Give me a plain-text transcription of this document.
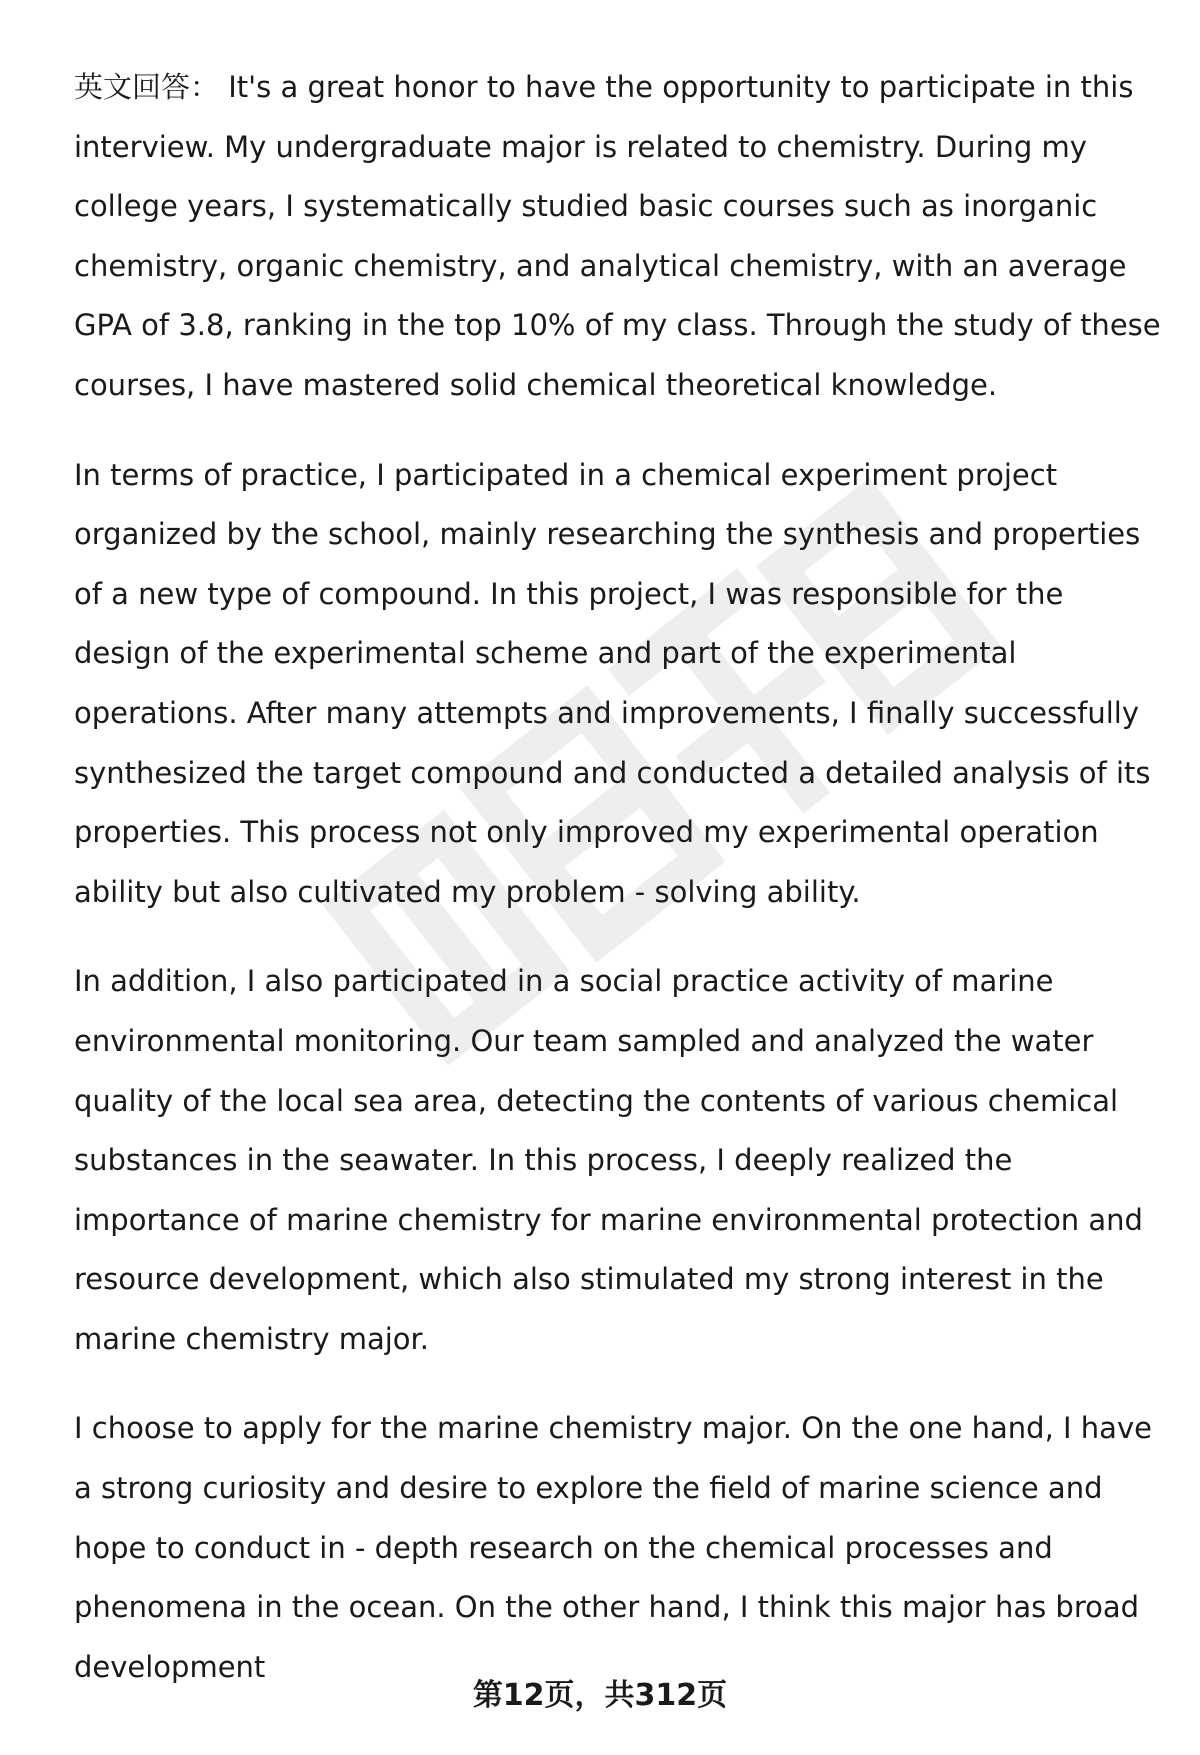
英文回答： It's a great honor to have the opportunity to participate in this interview. My undergraduate major is related to chemistry. During my college years, I systematically studied basic courses such as inorganic chemistry, organic chemistry, and analytical chemistry, with an average GPA of 3.8, ranking in the top 10% of my class. Through the study of these courses, I have mastered solid chemical theoretical knowledge.

In terms of practice, I participated in a chemical experiment project organized by the school, mainly researching the synthesis and properties of a new type of compound. In this project, I was responsible for the design of the experimental scheme and part of the experimental operations. After many attempts and improvements, I finally successfully synthesized the target compound and conducted a detailed analysis of its properties. This process not only improved my experimental operation ability but also cultivated my problem - solving ability.

In addition, I also participated in a social practice activity of marine environmental monitoring. Our team sampled and analyzed the water quality of the local sea area, detecting the contents of various chemical substances in the seawater. In this process, I deeply realized the importance of marine chemistry for marine environmental protection and resource development, which also stimulated my strong interest in the marine chemistry major.

I choose to apply for the marine chemistry major. On the one hand, I have a strong curiosity and desire to explore the field of marine science and hope to conduct in - depth research on the chemical processes and phenomena in the ocean. On the other hand, I think this major has broad development

第12页，共312页
